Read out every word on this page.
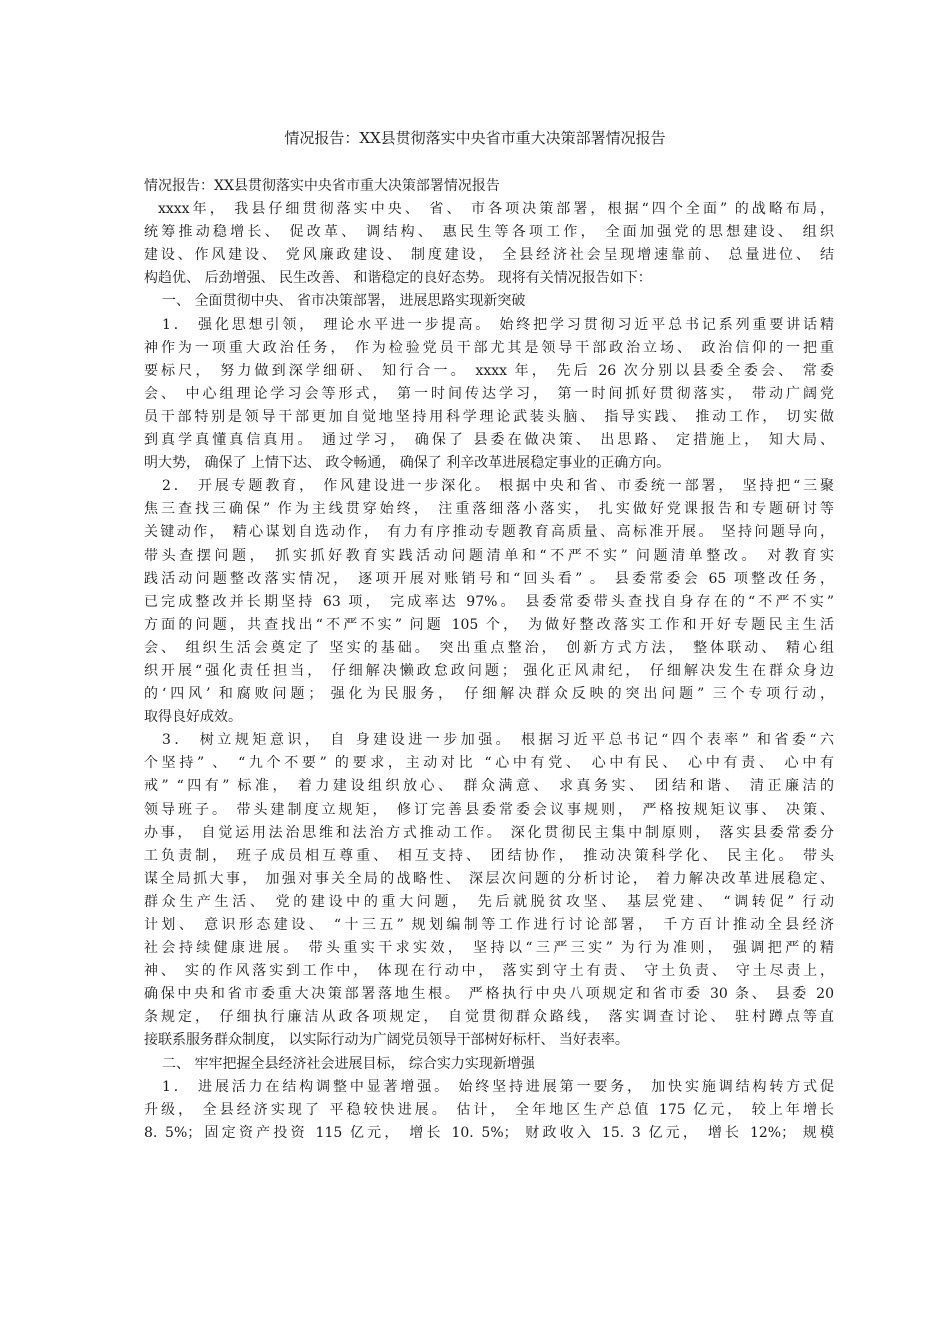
情况报告：XX县贯彻落实中央省市重大决策部署情况报告
情况报告：XX县贯彻落实中央省市重大决策部署情况报告
xxxx年， 我县仔细贯彻落实中央、 省、 市各项决策部署，根据“四个全面” 的战略布局，
统筹推动稳增长、 促改革、 调结构、 惠民生等各项工作， 全面加强党的思想建设、 组织
建设、作风建设、 党风廉政建设、 制度建设， 全县经济社会呈现增速靠前、 总量进位、 结
构趋优、 后劲增强、 民生改善、 和谐稳定的良好态势。 现将有关情况报告如下：
一、 全面贯彻中央、 省市决策部署， 进展思路实现新突破
1． 强化思想引领， 理论水平进一步提高。 始终把学习贯彻习近平总书记系列重要讲话精
神作为一项重大政治任务， 作为检验党员干部尤其是领导干部政治立场、 政治信仰的一把重
要标尺， 努力做到深学细研、 知行合一。 xxxx 年， 先后 26 次分别以县委全委会、 常委
会、 中心组理论学习会等形式， 第一时间传达学习， 第一时间抓好贯彻落实， 带动广阔党
员干部特别是领导干部更加自觉地坚持用科学理论武装头脑、 指导实践、 推动工作， 切实做
到真学真懂真信真用。 通过学习， 确保了 县委在做决策、 出思路、 定措施上， 知大局、
明大势， 确保了 上情下达、 政令畅通， 确保了 利辛改革进展稳定事业的正确方向。
2． 开展专题教育， 作风建设进一步深化。 根据中央和省、市委统一部署， 坚持把“三聚
焦三查找三确保” 作为主线贯穿始终， 注重落细落小落实， 扎实做好党课报告和专题研讨等
关键动作， 精心谋划自选动作， 有力有序推动专题教育高质量、高标准开展。 坚持问题导向，
带头查摆问题， 抓实抓好教育实践活动问题清单和“不严不实” 问题清单整改。 对教育实
践活动问题整改落实情况， 逐项开展对账销号和“回头看” 。 县委常委会 65 项整改任务，
已完成整改并长期坚持 63 项， 完成率达 97%。 县委常委带头查找自身存在的“不严不实”
方面的问题，共查找出“不严不实” 问题 105 个， 为做好整改落实工作和开好专题民主生活
会、 组织生活会奠定了 坚实的基础。 突出重点整治， 创新方式方法， 整体联动、 精心组
织开展“强化责任担当， 仔细解决懒政怠政问题； 强化正风肃纪， 仔细解决发生在群众身边
的‘四风’ 和腐败问题； 强化为民服务， 仔细解决群众反映的突出问题” 三个专项行动，
取得良好成效。
3． 树立规矩意识， 自 身建设进一步加强。 根据习近平总书记“四个表率” 和省委“六
个坚持” 、 “九个不要” 的要求，主动对比 “心中有党、 心中有民、 心中有责、 心中有
戒” “四有” 标准， 着力建设组织放心、 群众满意、 求真务实、 团结和谐、 清正廉洁的
领导班子。 带头建制度立规矩， 修订完善县委常委会议事规则， 严格按规矩议事、 决策、
办事， 自觉运用法治思维和法治方式推动工作。 深化贯彻民主集中制原则， 落实县委常委分
工负责制， 班子成员相互尊重、 相互支持、 团结协作， 推动决策科学化、 民主化。 带头
谋全局抓大事， 加强对事关全局的战略性、 深层次问题的分析讨论， 着力解决改革进展稳定、
群众生产生活、 党的建设中的重大问题， 先后就脱贫攻坚、 基层党建、 “调转促” 行动
计划、 意识形态建设、 “十三五” 规划编制等工作进行讨论部署， 千方百计推动全县经济
社会持续健康进展。 带头重实干求实效， 坚持以“三严三实” 为行为准则， 强调把严的精
神、 实的作风落实到工作中， 体现在行动中， 落实到守土有责、 守土负责、 守土尽责上，
确保中央和省市委重大决策部署落地生根。 严格执行中央八项规定和省市委 30 条、 县委 20
条规定， 仔细执行廉洁从政各项规定， 自觉贯彻群众路线， 落实调查讨论、 驻村蹲点等直
接联系服务群众制度， 以实际行动为广阔党员领导干部树好标杆、 当好表率。
二、 牢牢把握全县经济社会进展目标， 综合实力实现新增强
1． 进展活力在结构调整中显著增强。 始终坚持进展第一要务， 加快实施调结构转方式促
升级， 全县经济实现了 平稳较快进展。 估计， 全年地区生产总值 175 亿元， 较上年增长
8. 5%；固定资产投资 115 亿元， 增长 10. 5%； 财政收入 15. 3 亿元， 增长 12%； 规模
